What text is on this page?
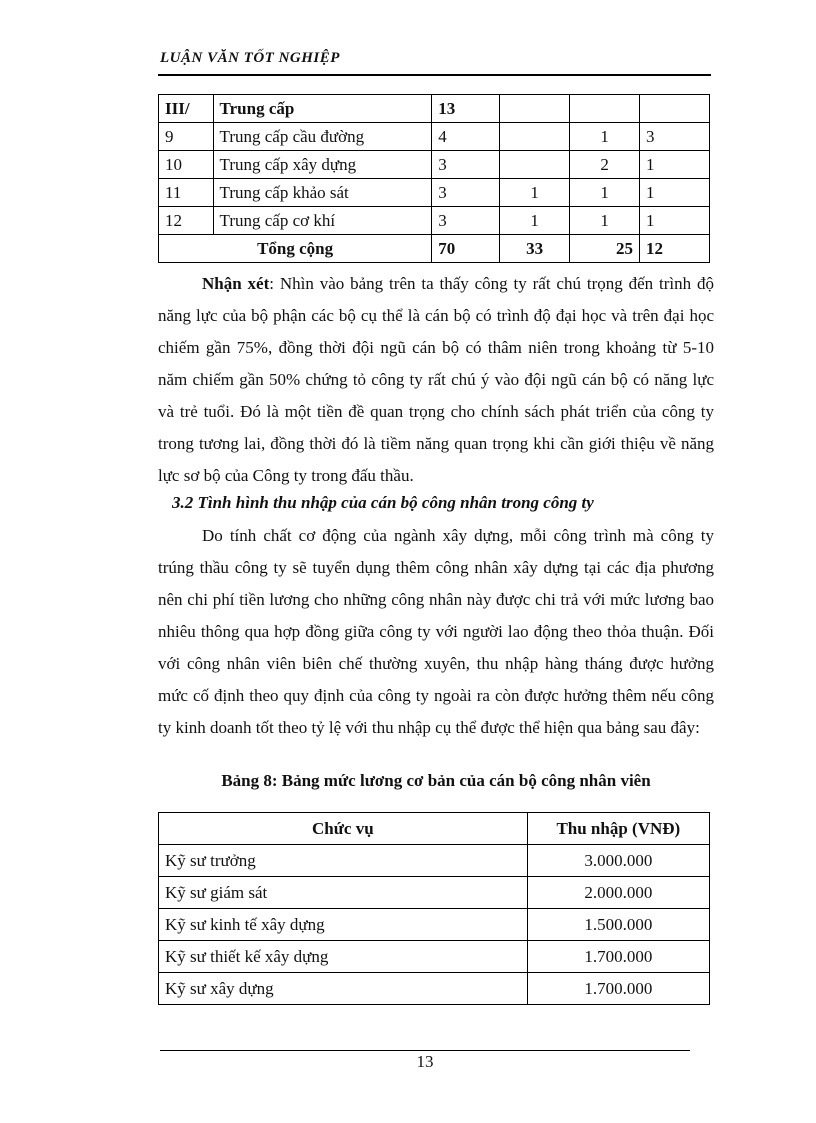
LUẬN VĂN TỐT NGHIỆP
III/	Trung cấp	13			
9	Trung cấp cầu đường	4		1	3
10	Trung cấp xây dựng	3		2	1
11	Trung cấp khảo sát	3	1	1	1
12	Trung cấp cơ khí	3	1	1	1
Tổng cộng		70	33	25	12
Nhận xét: Nhìn vào bảng trên ta thấy công ty rất chú trọng đến trình độ năng lực của bộ phận các bộ cụ thể là cán bộ có trình độ đại học và trên đại học chiếm gần 75%, đồng thời đội ngũ cán bộ có thâm niên trong khoảng từ 5-10 năm chiếm gần 50% chứng tỏ công ty rất chú ý vào đội ngũ cán bộ có năng lực và trẻ tuổi. Đó là một tiền đề quan trọng cho chính sách phát triển của công ty trong tương lai, đồng thời đó là tiềm năng quan trọng khi cần giới thiệu về năng lực sơ bộ của Công ty trong đấu thầu.
3.2 Tình hình thu nhập của cán bộ công nhân trong công ty
Do tính chất cơ động của ngành xây dựng, mỗi công trình mà công ty trúng thầu công ty sẽ tuyển dụng thêm công nhân xây dựng tại các địa phương nên chi phí tiền lương cho những công nhân này được chi trả với mức lương bao nhiêu thông qua hợp đồng giữa công ty với người lao động theo thỏa thuận. Đối với công nhân viên biên chế thường xuyên, thu nhập hàng tháng được hưởng mức cố định theo quy định của công ty ngoài ra còn được hưởng thêm nếu công ty kinh doanh tốt theo tỷ lệ với thu nhập cụ thể được thể hiện qua bảng sau đây:
Bảng 8: Bảng mức lương cơ bản của cán bộ công nhân viên
Chức vụ	Thu nhập (VNĐ)
Kỹ sư trưởng	3.000.000
Kỹ sư giám sát	2.000.000
Kỹ sư kinh tế xây dựng	1.500.000
Kỹ sư thiết kế xây dựng	1.700.000
Kỹ sư xây dựng	1.700.000
13
